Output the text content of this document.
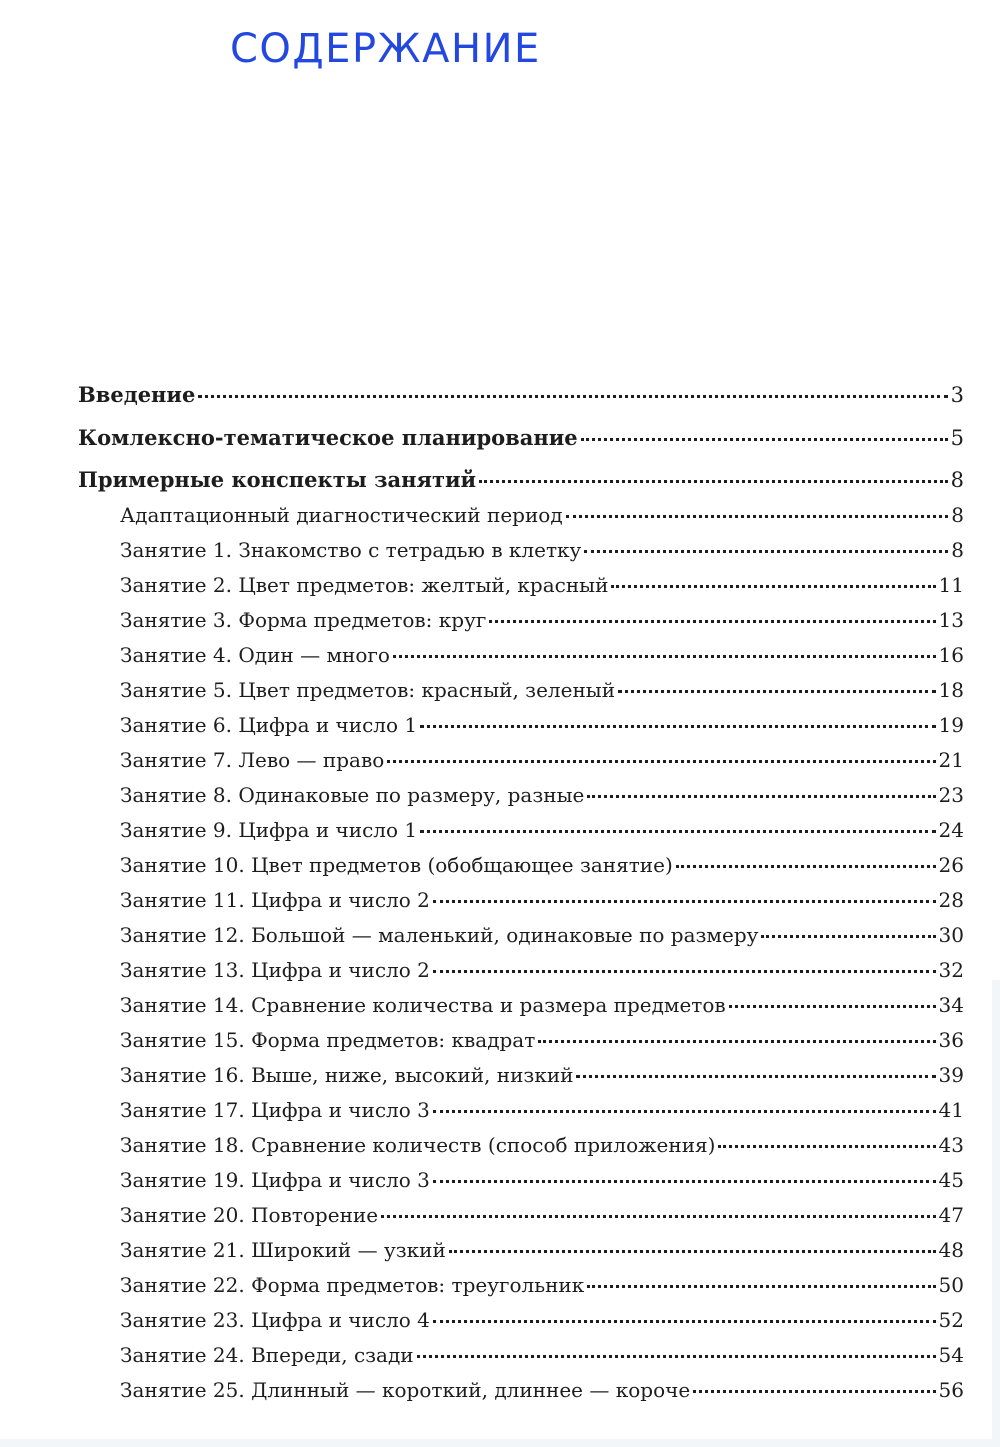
СОДЕРЖАНИЕ
Введение	3
Комлексно-тематическое планирование	5
Примерные конспекты занятий	8
Адаптационный диагностический период	8
Занятие 1. Знакомство с тетрадью в клетку	8
Занятие 2. Цвет предметов: желтый, красный	11
Занятие 3. Форма предметов: круг	13
Занятие 4. Один — много	16
Занятие 5. Цвет предметов: красный, зеленый	18
Занятие 6. Цифра и число 1	19
Занятие 7. Лево — право	21
Занятие 8. Одинаковые по размеру, разные	23
Занятие 9. Цифра и число 1	24
Занятие 10. Цвет предметов (обобщающее занятие)	26
Занятие 11. Цифра и число 2	28
Занятие 12. Большой — маленький, одинаковые по размеру	30
Занятие 13. Цифра и число 2	32
Занятие 14. Сравнение количества и размера предметов	34
Занятие 15. Форма предметов: квадрат	36
Занятие 16. Выше, ниже, высокий, низкий	39
Занятие 17. Цифра и число 3	41
Занятие 18. Сравнение количеств (способ приложения)	43
Занятие 19. Цифра и число 3	45
Занятие 20. Повторение	47
Занятие 21. Широкий — узкий	48
Занятие 22. Форма предметов: треугольник	50
Занятие 23. Цифра и число 4	52
Занятие 24. Впереди, сзади	54
Занятие 25. Длинный — короткий, длиннее — короче	56
